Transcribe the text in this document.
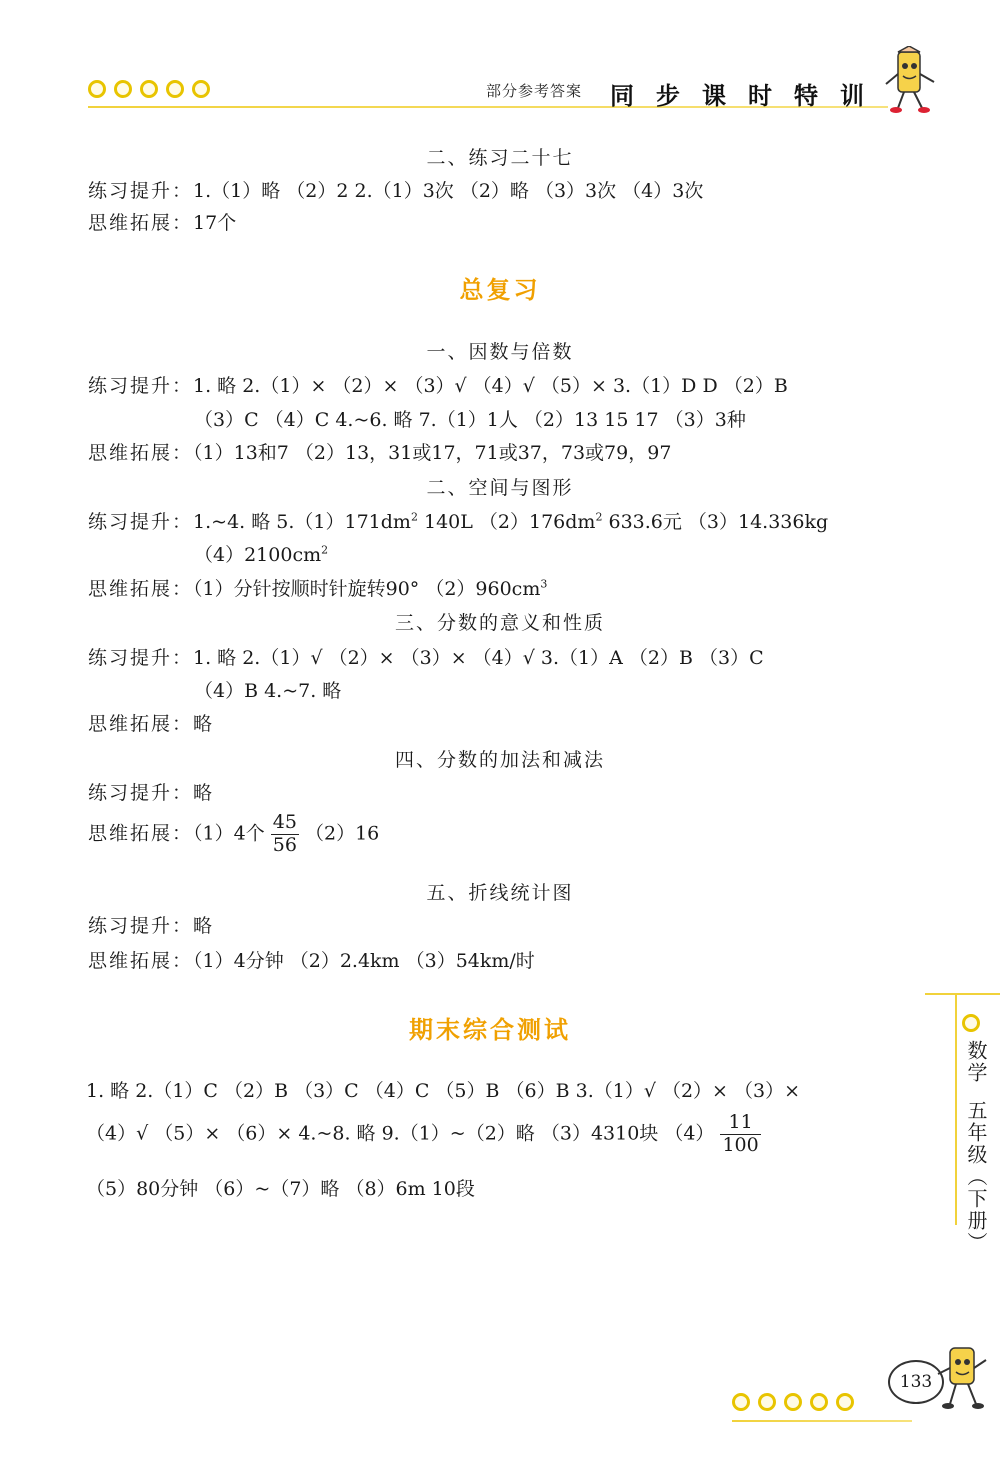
部分参考答案 同步课时特训
二、练习二十七
练习提升：1.（1）略 （2）2 2.（1）3次 （2）略 （3）3次 （4）3次
思维拓展：17个
总复习
一、因数与倍数
练习提升：1. 略 2.（1）× （2）× （3）√ （4）√ （5）× 3.（1）D D （2）B
（3）C （4）C 4.~6. 略 7.（1）1人 （2）13 15 17 （3）3种
思维拓展：（1）13和7 （2）13，31或17，71或37，73或79，97
二、空间与图形
练习提升：1.~4. 略 $5.(1)171dm^2$ 140L $(2)176dm^2$ 633.6元 （3）14.336kg
$(4)2100cm^2$
思维拓展：（1）分针按顺时针旋转90° $(2)960cm^3$
三、分数的意义和性质
练习提升：1. 略 2.（1）√ （2）× （3）× （4）√ 3.（1）A （2）B （3）C
（4）B 4.~7. 略
思维拓展：略
四、分数的加法和减法
练习提升：略
思维拓展：（1）4个 $\frac{45}{56} (2)16$
五、折线统计图
练习提升：略
思维拓展：（1）4分钟 （2）2.4km （3）54km/时
期末综合测试
1. 略 2.（1）C （2）B （3）C （4）C （5）B （6）B 3.（1）√ （2）× （3）×
（4）√ （5）× （6）× 4.~8. 略 9.（1）~（2）略 （3）4310块 $(4) \frac{11}{100}$
（5）80分钟 （6）~（7）略 （8）6m 10段
数学
五年级（下册）
133
